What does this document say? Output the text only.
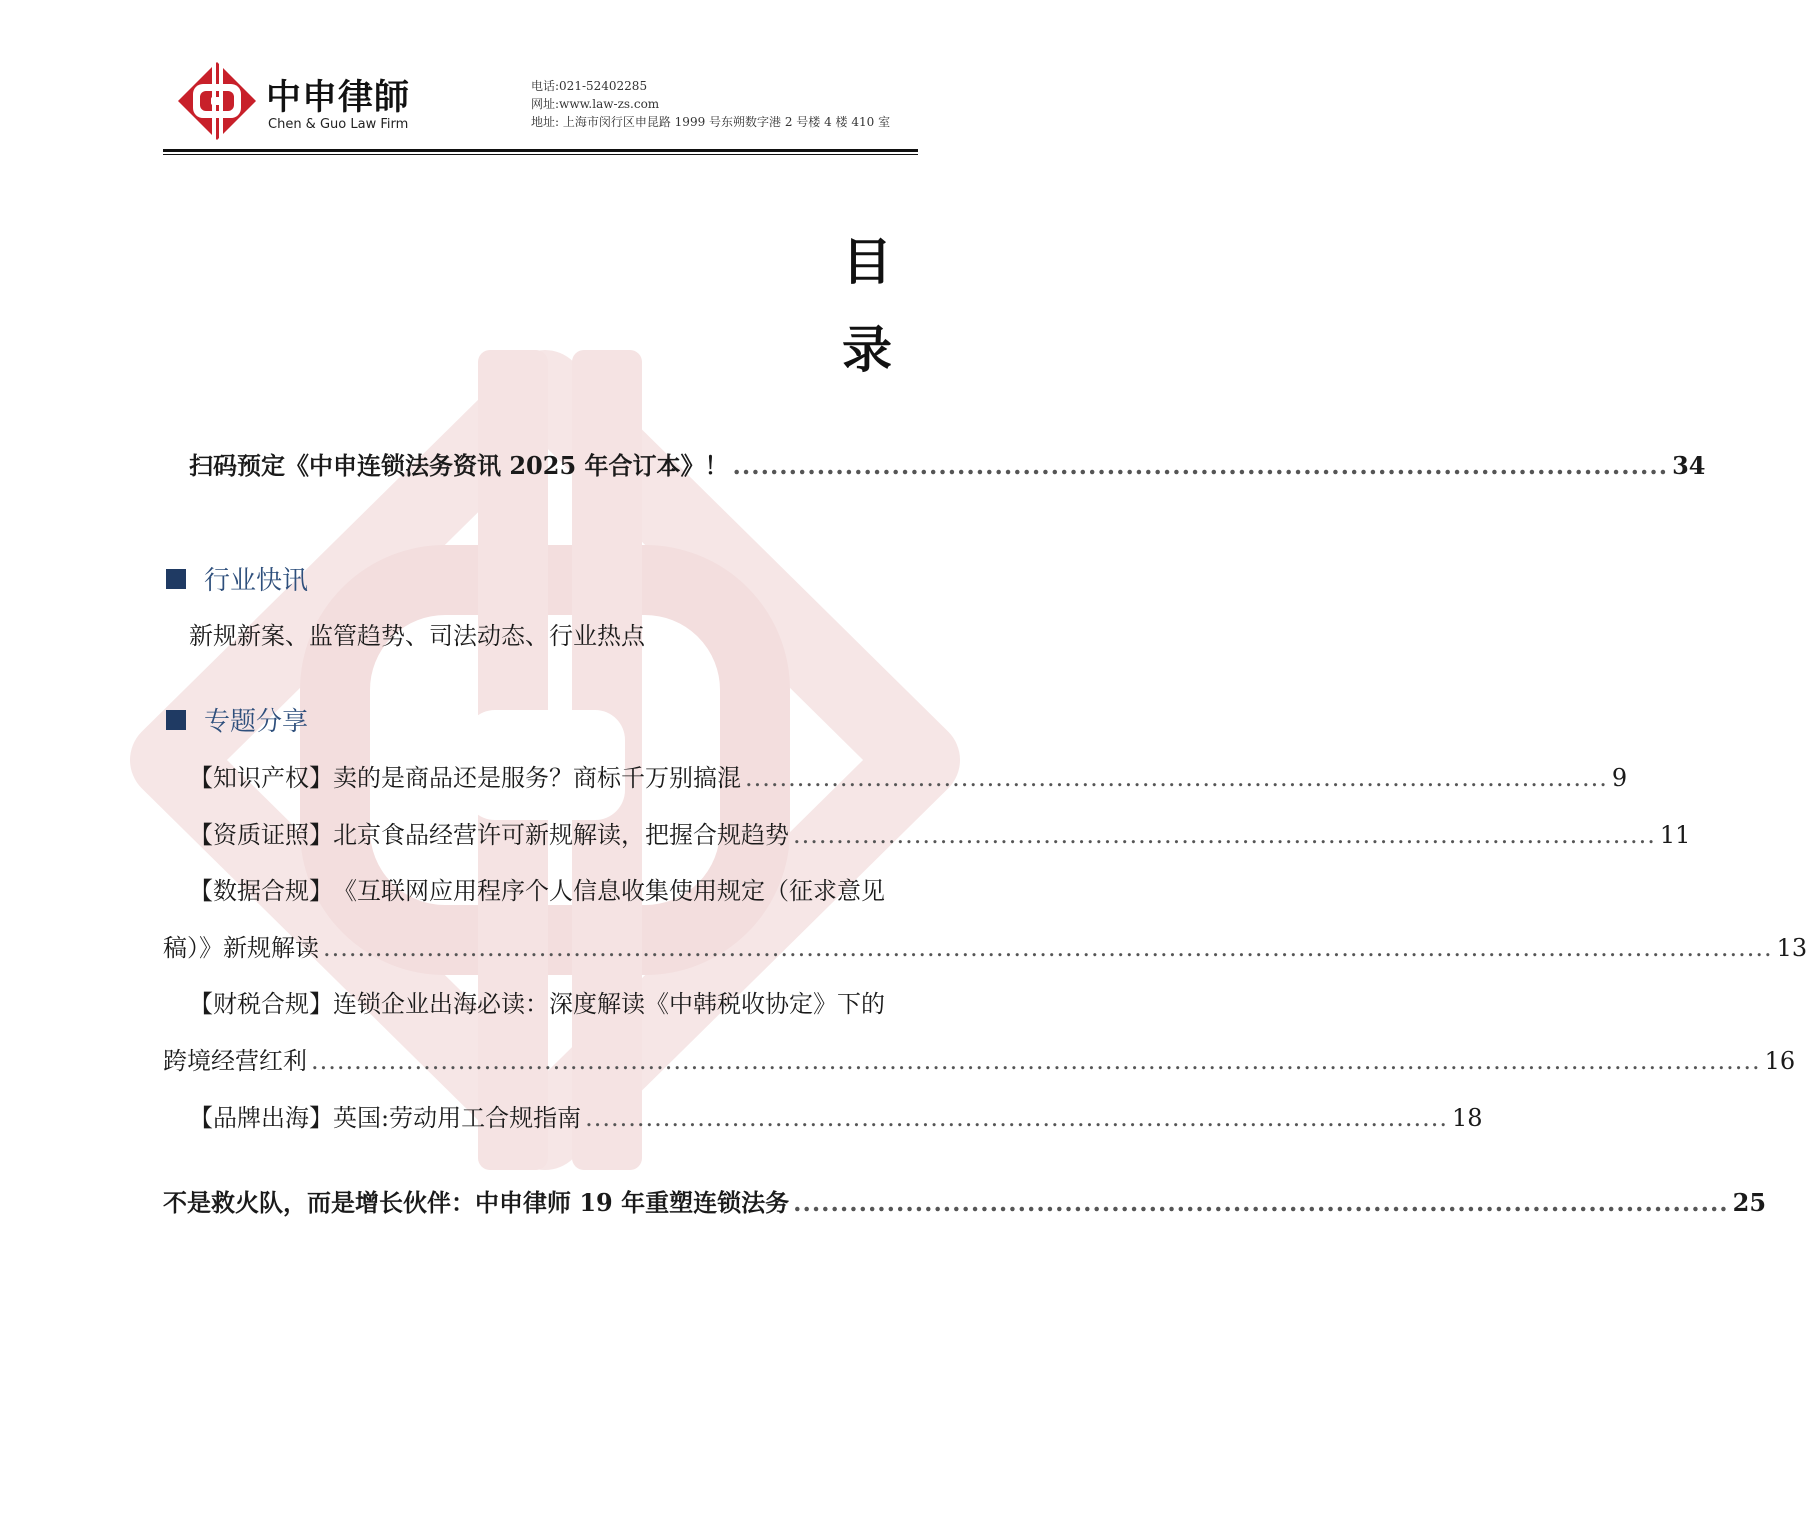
中申律師
Chen & Guo Law Firm
电话:021-52402285
网址:www.law-zs.com
地址: 上海市闵行区申昆路 1999 号东朔数字港 2 号楼 4 楼 410 室
目
录
扫码预定《中申连锁法务资讯 2025 年合订本》！ .................................................................................................... 34
行业快讯
新规新案、监管趋势、司法动态、行业热点
专题分享
【知识产权】 卖的是商品还是服务？商标千万别搞混 .................................................................................................... 9
【资质证照】 北京食品经营许可新规解读，把握合规趋势 .................................................................................................... 11
【数据合规】 《互联网应用程序个人信息收集使用规定（征求意见
稿）》新规解读 ........................................................................................................................................................................ 13
【财税合规】 连锁企业出海必读：深度解读《中韩税收协定》下的
跨境经营红利 ........................................................................................................................................................................ 16
【品牌出海】 英国:劳动用工合规指南 .................................................................................................... 18
不是救火队，而是增长伙伴：中申律师 19 年重塑连锁法务 .................................................................................................... 25
